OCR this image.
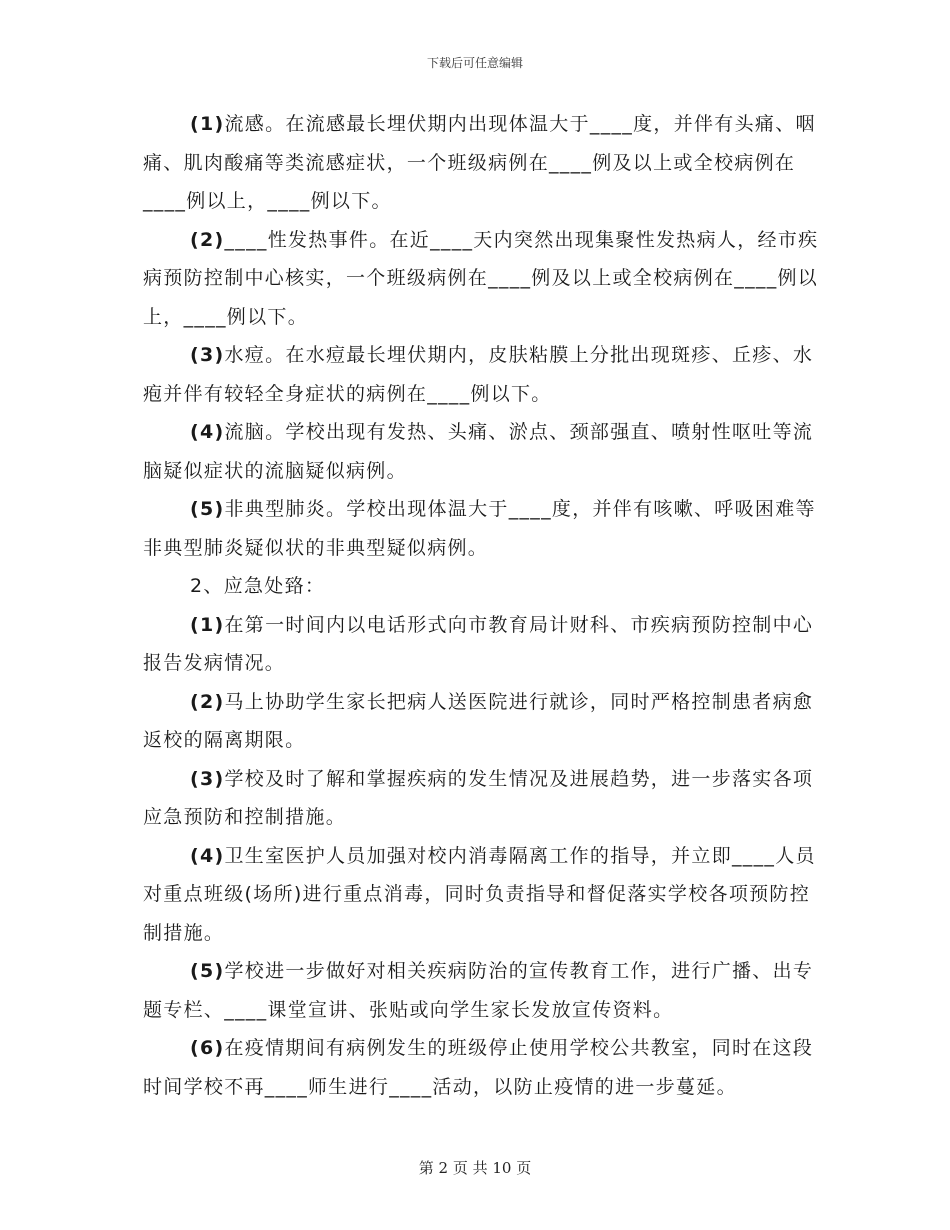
下载后可任意编辑

(1)流感。在流感最长埋伏期内出现体温大于____度，并伴有头痛、咽痛、肌肉酸痛等类流感症状，一个班级病例在____例及以上或全校病例在____例以上，____例以下。

(2)____性发热事件。在近____天内突然出现集聚性发热病人，经市疾病预防控制中心核实，一个班级病例在____例及以上或全校病例在____例以上，____例以下。

(3)水痘。在水痘最长埋伏期内，皮肤粘膜上分批出现斑疹、丘疹、水疱并伴有较轻全身症状的病例在____例以下。

(4)流脑。学校出现有发热、头痛、淤点、颈部强直、喷射性呕吐等流脑疑似症状的流脑疑似病例。

(5)非典型肺炎。学校出现体温大于____度，并伴有咳嗽、呼吸困难等非典型肺炎疑似状的非典型疑似病例。

2、应急处臵：

(1)在第一时间内以电话形式向市教育局计财科、市疾病预防控制中心报告发病情况。

(2)马上协助学生家长把病人送医院进行就诊，同时严格控制患者病愈返校的隔离期限。

(3)学校及时了解和掌握疾病的发生情况及进展趋势，进一步落实各项应急预防和控制措施。

(4)卫生室医护人员加强对校内消毒隔离工作的指导，并立即____人员对重点班级(场所)进行重点消毒，同时负责指导和督促落实学校各项预防控制措施。

(5)学校进一步做好对相关疾病防治的宣传教育工作，进行广播、出专题专栏、____课堂宣讲、张贴或向学生家长发放宣传资料。

(6)在疫情期间有病例发生的班级停止使用学校公共教室，同时在这段时间学校不再____师生进行____活动，以防止疫情的进一步蔓延。

第 2 页 共 10 页
